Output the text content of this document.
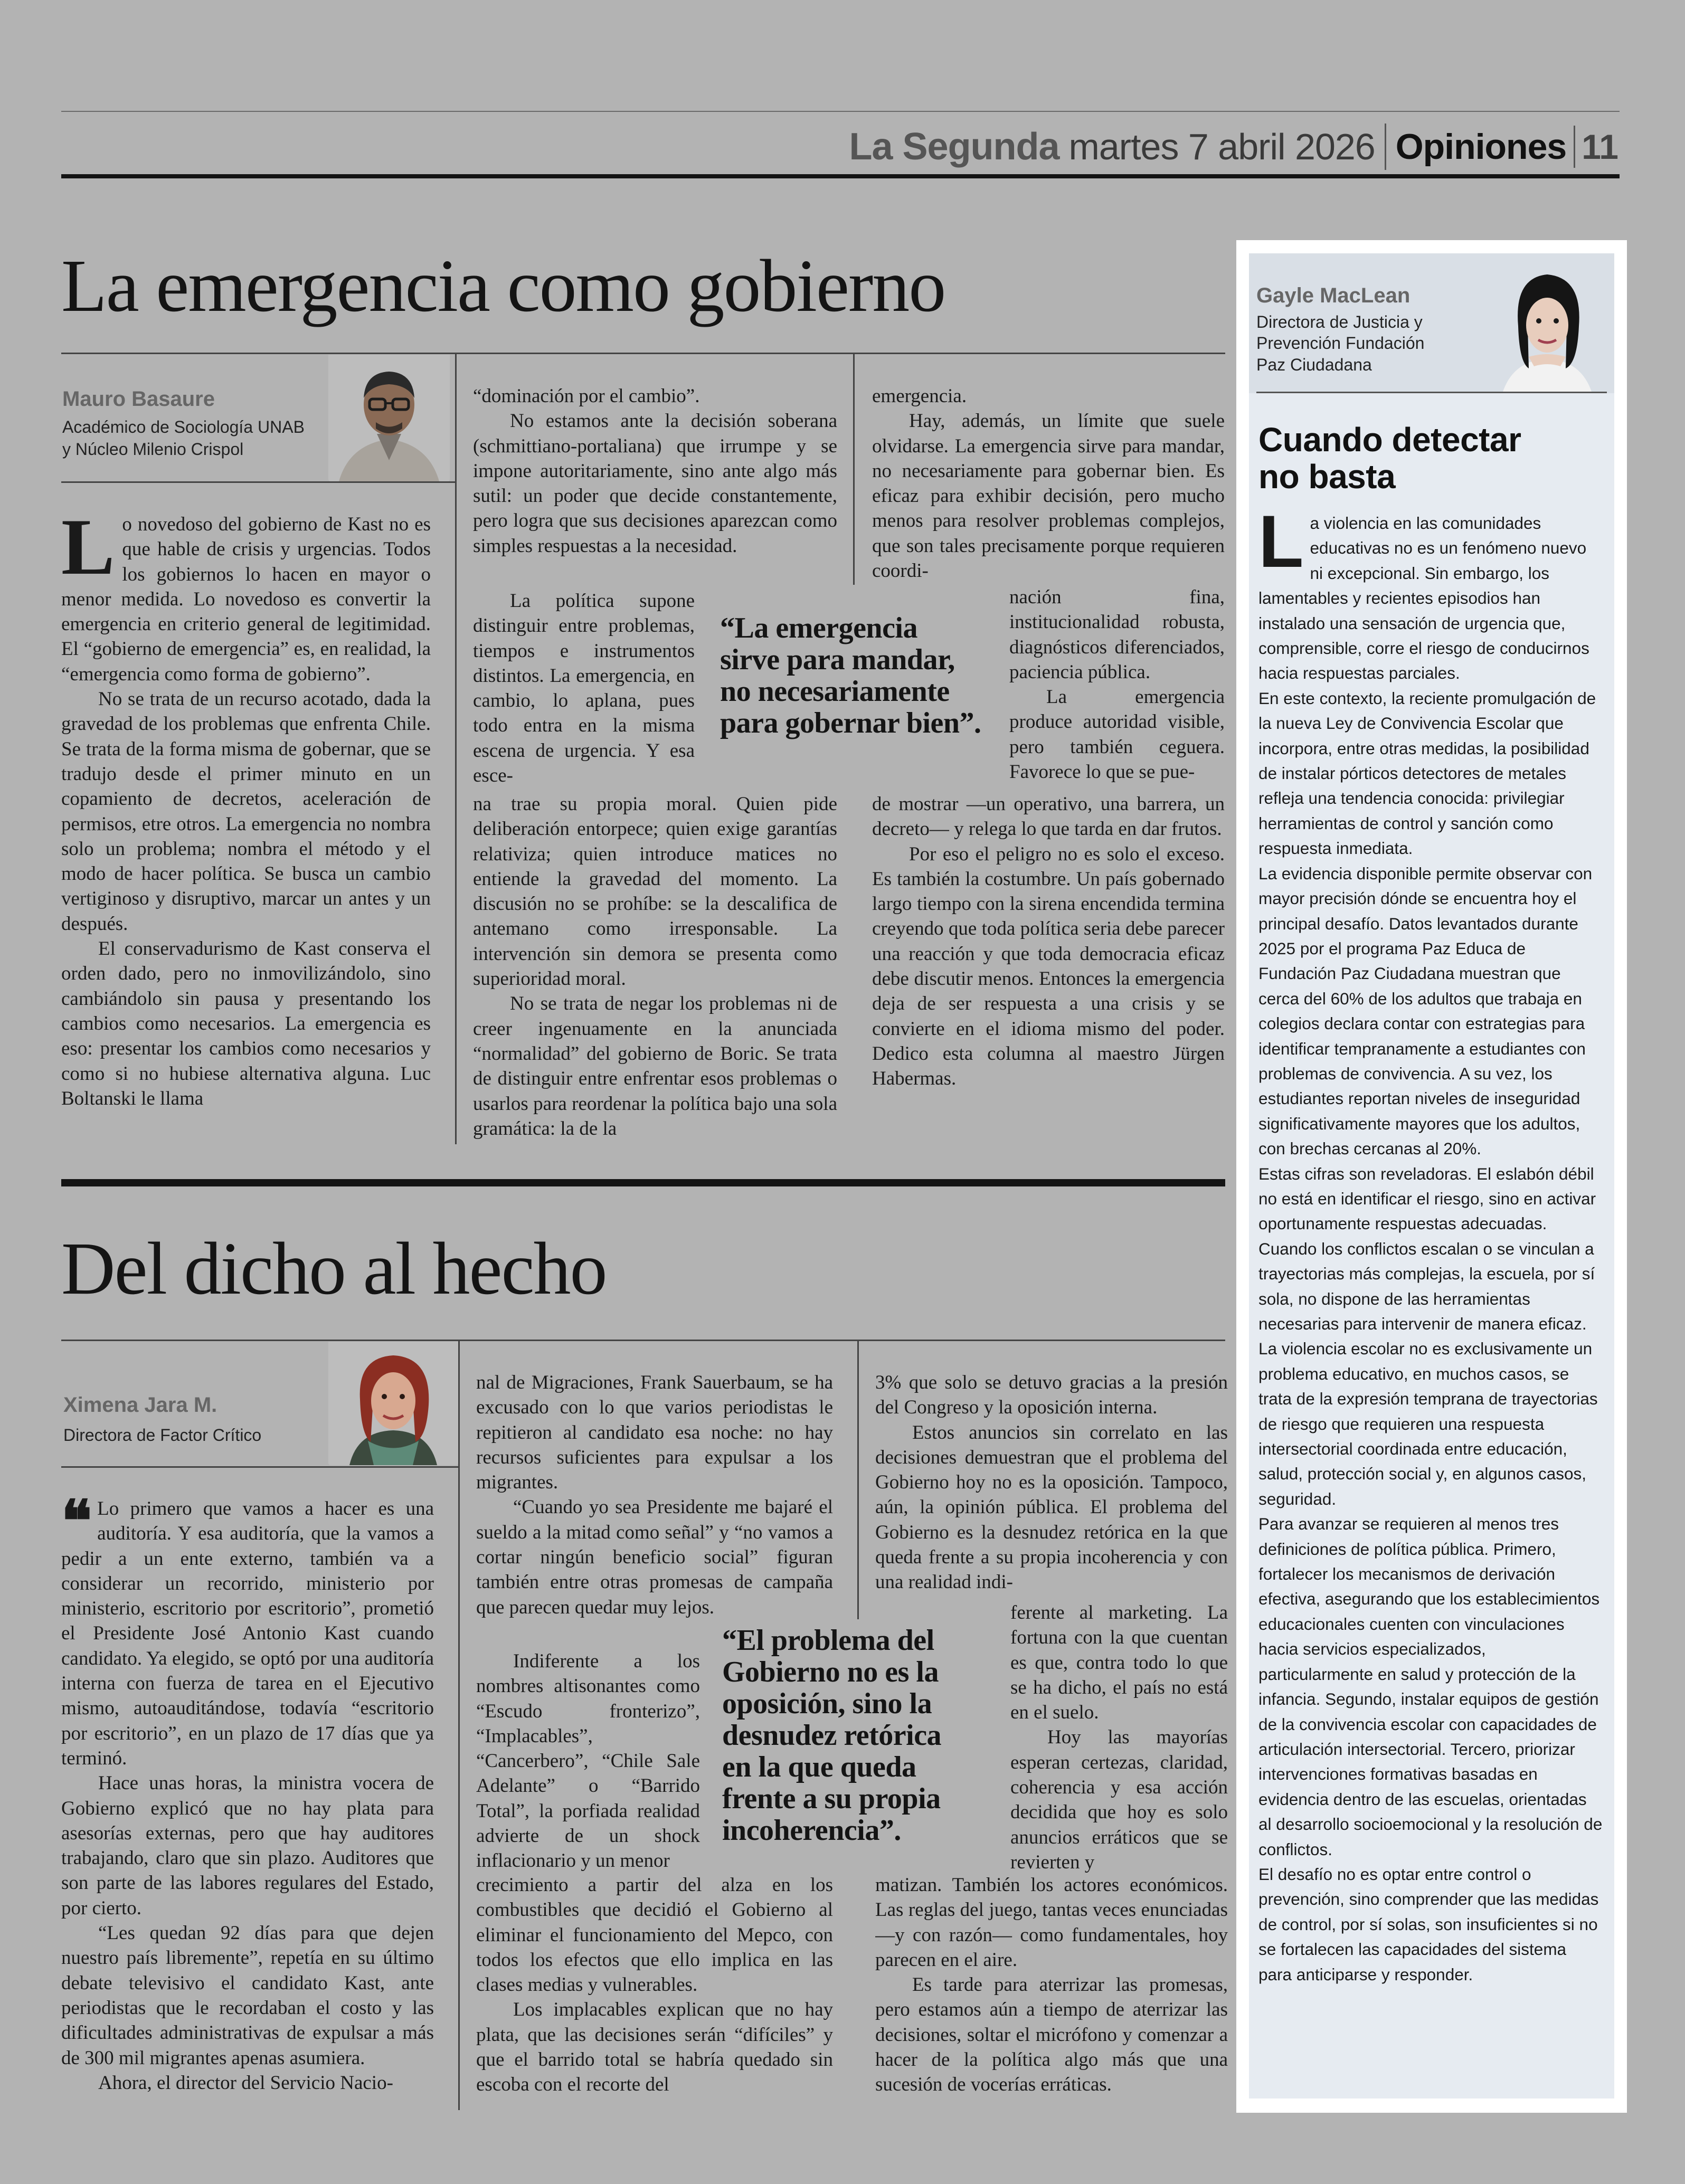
La Segunda martes 7 abril 2026 Opiniones 11
La emergencia como gobierno
Mauro Basaure
Académico de Sociología UNAB
y Núcleo Milenio Crispol

Lo novedoso del gobierno de Kast no es que hable de crisis y urgencias. Todos los gobiernos lo hacen en mayor o menor medida. Lo novedoso es convertir la emergencia en criterio general de legitimidad. El “gobierno de emergencia” es, en realidad, la “emergencia como forma de gobierno”.

No se trata de un recurso acotado, dada la gravedad de los problemas que enfrenta Chile. Se trata de la forma misma de gobernar, que se tradujo desde el primer minuto en un copamiento de decretos, aceleración de permisos, etre otros. La emergencia no nombra solo un problema; nombra el método y el modo de hacer política. Se busca un cambio vertiginoso y disruptivo, marcar un antes y un después.

El conservadurismo de Kast conserva el orden dado, pero no inmovilizándolo, sino cambiándolo sin pausa y presentando los cambios como necesarios. La emergencia es eso: presentar los cambios como necesarios y como si no hubiese alternativa alguna. Luc Boltanski le llama

“dominación por el cambio”.

No estamos ante la decisión soberana (schmittiano-portaliana) que irrumpe y se impone autoritariamente, sino ante algo más sutil: un poder que decide constantemente, pero logra que sus decisiones aparezcan como simples respuestas a la necesidad.

La política supone distinguir entre problemas, tiempos e instrumentos distintos. La emergencia, en cambio, lo aplana, pues todo entra en la misma escena de urgencia. Y esa esce-

na trae su propia moral. Quien pide deliberación entorpece; quien exige garantías relativiza; quien introduce matices no entiende la gravedad del momento. La discusión no se prohíbe: se la descalifica de antemano como irresponsable. La intervención sin demora se presenta como superioridad moral.

No se trata de negar los problemas ni de creer ingenuamente en la anunciada “normalidad” del gobierno de Boric. Se trata de distinguir entre enfrentar esos problemas o usarlos para reordenar la política bajo una sola gramática: la de la

“La emergencia sirve para mandar, no necesariamente para gobernar bien”.

emergencia.

Hay, además, un límite que suele olvidarse. La emergencia sirve para mandar, no necesariamente para gobernar bien. Es eficaz para exhibir decisión, pero mucho menos para resolver problemas complejos, que son tales precisamente porque requieren coordi-

nación fina, institucionalidad robusta, diagnósticos diferenciados, paciencia pública.

La emergencia produce autoridad visible, pero también ceguera. Favorece lo que se pue-

de mostrar —un operativo, una barrera, un decreto— y relega lo que tarda en dar frutos.

Por eso el peligro no es solo el exceso. Es también la costumbre. Un país gobernado largo tiempo con la sirena encendida termina creyendo que toda política seria debe parecer una reacción y que toda democracia eficaz debe discutir menos. Entonces la emergencia deja de ser respuesta a una crisis y se convierte en el idioma mismo del poder. Dedico esta columna al maestro Jürgen Habermas.

Del dicho al hecho
Ximena Jara M.
Directora de Factor Crítico

❝ Lo primero que vamos a hacer es una auditoría. Y esa auditoría, que la vamos a pedir a un ente externo, también va a considerar un recorrido, ministerio por ministerio, escritorio por escritorio”, prometió el Presidente José Antonio Kast cuando candidato. Ya elegido, se optó por una auditoría interna con fuerza de tarea en el Ejecutivo mismo, autoauditándose, todavía “escritorio por escritorio”, en un plazo de 17 días que ya terminó.

Hace unas horas, la ministra vocera de Gobierno explicó que no hay plata para asesorías externas, pero que hay auditores trabajando, claro que sin plazo. Auditores que son parte de las labores regulares del Estado, por cierto.

“Les quedan 92 días para que dejen nuestro país libremente”, repetía en su último debate televisivo el candidato Kast, ante periodistas que le recordaban el costo y las dificultades administrativas de expulsar a más de 300 mil migrantes apenas asumiera.

Ahora, el director del Servicio Nacio-

nal de Migraciones, Frank Sauerbaum, se ha excusado con lo que varios periodistas le repitieron al candidato esa noche: no hay recursos suficientes para expulsar a los migrantes.

“Cuando yo sea Presidente me bajaré el sueldo a la mitad como señal” y “no vamos a cortar ningún beneficio social” figuran también entre otras promesas de campaña que parecen quedar muy lejos.

Indiferente a los nombres altisonantes como “Escudo fronterizo”, “Implacables”, “Cancerbero”, “Chile Sale Adelante” o “Barrido Total”, la porfiada realidad advierte de un shock inflacionario y un menor

crecimiento a partir del alza en los combustibles que decidió el Gobierno al eliminar el funcionamiento del Mepco, con todos los efectos que ello implica en las clases medias y vulnerables.

Los implacables explican que no hay plata, que las decisiones serán “difíciles” y que el barrido total se habría quedado sin escoba con el recorte del

“El problema del Gobierno no es la oposición, sino la desnudez retórica en la que queda frente a su propia incoherencia”.

3% que solo se detuvo gracias a la presión del Congreso y la oposición interna.

Estos anuncios sin correlato en las decisiones demuestran que el problema del Gobierno hoy no es la oposición. Tampoco, aún, la opinión pública. El problema del Gobierno es la desnudez retórica en la que queda frente a su propia incoherencia y con una realidad indi-

ferente al marketing. La fortuna con la que cuentan es que, contra todo lo que se ha dicho, el país no está en el suelo.

Hoy las mayorías esperan certezas, claridad, coherencia y esa acción decidida que hoy es solo anuncios erráticos que se revierten y

matizan. También los actores económicos. Las reglas del juego, tantas veces enunciadas —y con razón— como fundamentales, hoy parecen en el aire.

Es tarde para aterrizar las promesas, pero estamos aún a tiempo de aterrizar las decisiones, soltar el micrófono y comenzar a hacer de la política algo más que una sucesión de vocerías erráticas.

Gayle MacLean
Directora de Justicia y
Prevención Fundación
Paz Ciudadana
Cuando detectar
no basta

La violencia en las comunidades educativas no es un fenómeno nuevo ni excepcional. Sin embargo, los lamentables y recientes episodios han instalado una sensación de urgencia que, comprensible, corre el riesgo de conducirnos hacia respuestas parciales.

En este contexto, la reciente promulgación de la nueva Ley de Convivencia Escolar que incorpora, entre otras medidas, la posibilidad de instalar pórticos detectores de metales refleja una tendencia conocida: privilegiar herramientas de control y sanción como respuesta inmediata.

La evidencia disponible permite observar con mayor precisión dónde se encuentra hoy el principal desafío. Datos levantados durante 2025 por el programa Paz Educa de Fundación Paz Ciudadana muestran que cerca del 60% de los adultos que trabaja en colegios declara contar con estrategias para identificar tempranamente a estudiantes con problemas de convivencia. A su vez, los estudiantes reportan niveles de inseguridad significativamente mayores que los adultos, con brechas cercanas al 20%.

Estas cifras son reveladoras. El eslabón débil no está en identificar el riesgo, sino en activar oportunamente respuestas adecuadas. Cuando los conflictos escalan o se vinculan a trayectorias más complejas, la escuela, por sí sola, no dispone de las herramientas necesarias para intervenir de manera eficaz.

La violencia escolar no es exclusivamente un problema educativo, en muchos casos, se trata de la expresión temprana de trayectorias de riesgo que requieren una respuesta intersectorial coordinada entre educación, salud, protección social y, en algunos casos, seguridad.

Para avanzar se requieren al menos tres definiciones de política pública. Primero, fortalecer los mecanismos de derivación efectiva, asegurando que los establecimientos educacionales cuenten con vinculaciones hacia servicios especializados, particularmente en salud y protección de la infancia. Segundo, instalar equipos de gestión de la convivencia escolar con capacidades de articulación intersectorial. Tercero, priorizar intervenciones formativas basadas en evidencia dentro de las escuelas, orientadas al desarrollo socioemocional y la resolución de conflictos.

El desafío no es optar entre control o prevención, sino comprender que las medidas de control, por sí solas, son insuficientes si no se fortalecen las capacidades del sistema para anticiparse y responder.
